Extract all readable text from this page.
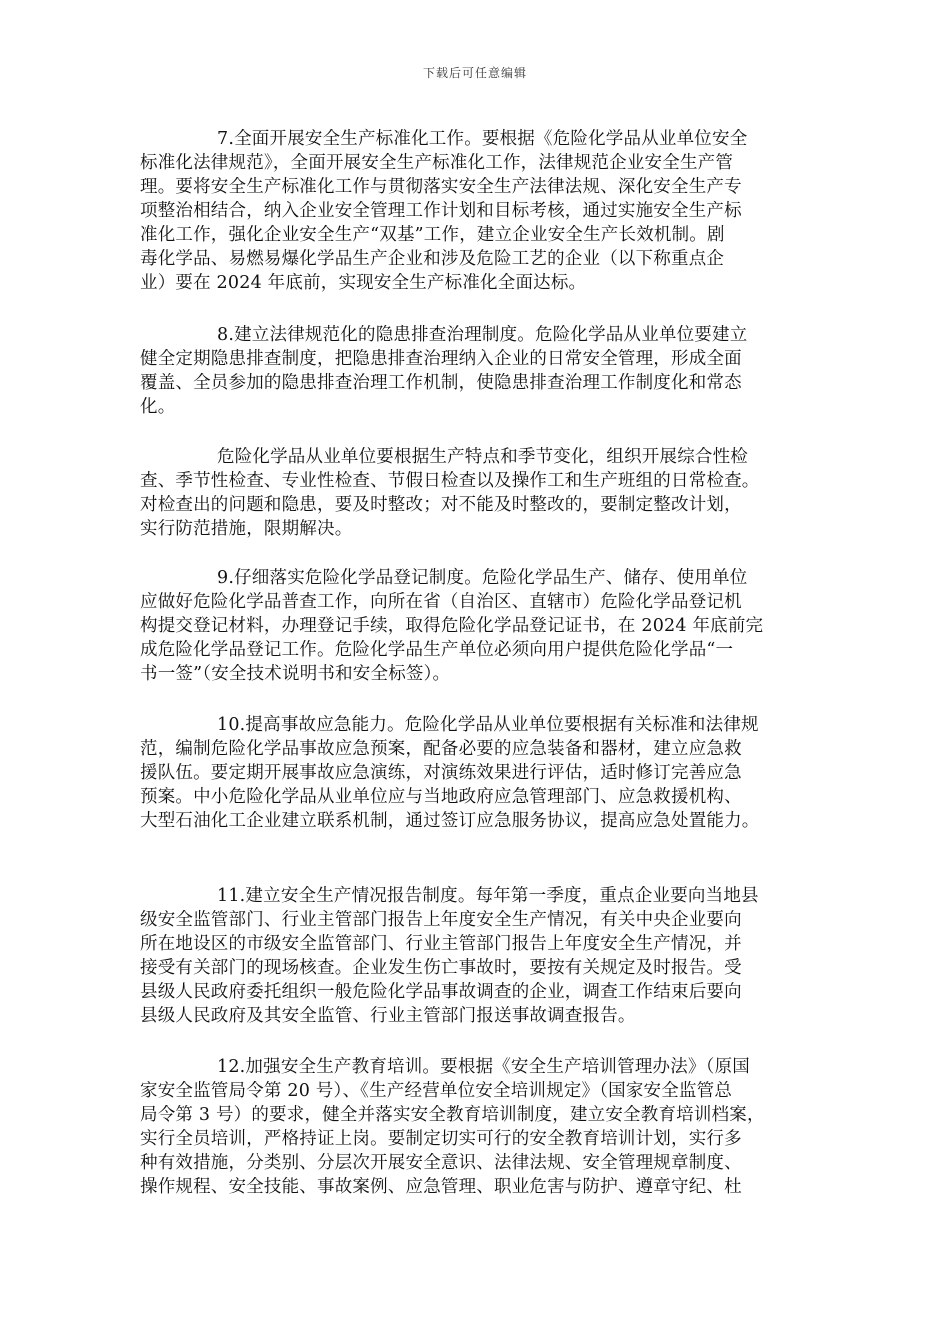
下载后可任意编辑
7.全面开展安全生产标准化工作。要根据《危险化学品从业单位安全
标准化法律规范》，全面开展安全生产标准化工作，法律规范企业安全生产管
理。要将安全生产标准化工作与贯彻落实安全生产法律法规、深化安全生产专
项整治相结合，纳入企业安全管理工作计划和目标考核，通过实施安全生产标
准化工作，强化企业安全生产“双基”工作，建立企业安全生产长效机制。剧
毒化学品、易燃易爆化学品生产企业和涉及危险工艺的企业（以下称重点企
业）要在 2024 年底前，实现安全生产标准化全面达标。
8.建立法律规范化的隐患排查治理制度。危险化学品从业单位要建立
健全定期隐患排查制度，把隐患排查治理纳入企业的日常安全管理，形成全面
覆盖、全员参加的隐患排查治理工作机制，使隐患排查治理工作制度化和常态
化。
危险化学品从业单位要根据生产特点和季节变化，组织开展综合性检
查、季节性检查、专业性检查、节假日检查以及操作工和生产班组的日常检查。
对检查出的问题和隐患，要及时整改；对不能及时整改的，要制定整改计划，
实行防范措施，限期解决。
9.仔细落实危险化学品登记制度。危险化学品生产、储存、使用单位
应做好危险化学品普查工作，向所在省（自治区、直辖市）危险化学品登记机
构提交登记材料，办理登记手续，取得危险化学品登记证书，在 2024 年底前完
成危险化学品登记工作。危险化学品生产单位必须向用户提供危险化学品“一
书一签”（安全技术说明书和安全标签）。
10.提高事故应急能力。危险化学品从业单位要根据有关标准和法律规
范，编制危险化学品事故应急预案，配备必要的应急装备和器材，建立应急救
援队伍。要定期开展事故应急演练，对演练效果进行评估，适时修订完善应急
预案。中小危险化学品从业单位应与当地政府应急管理部门、应急救援机构、
大型石油化工企业建立联系机制，通过签订应急服务协议，提高应急处置能力。
11.建立安全生产情况报告制度。每年第一季度，重点企业要向当地县
级安全监管部门、行业主管部门报告上年度安全生产情况，有关中央企业要向
所在地设区的市级安全监管部门、行业主管部门报告上年度安全生产情况，并
接受有关部门的现场核查。企业发生伤亡事故时，要按有关规定及时报告。受
县级人民政府委托组织一般危险化学品事故调查的企业，调查工作结束后要向
县级人民政府及其安全监管、行业主管部门报送事故调查报告。
12.加强安全生产教育培训。要根据《安全生产培训管理办法》（原国
家安全监管局令第 20 号）、《生产经营单位安全培训规定》（国家安全监管总
局令第 3 号）的要求，健全并落实安全教育培训制度，建立安全教育培训档案，
实行全员培训，严格持证上岗。要制定切实可行的安全教育培训计划，实行多
种有效措施，分类别、分层次开展安全意识、法律法规、安全管理规章制度、
操作规程、安全技能、事故案例、应急管理、职业危害与防护、遵章守纪、杜
